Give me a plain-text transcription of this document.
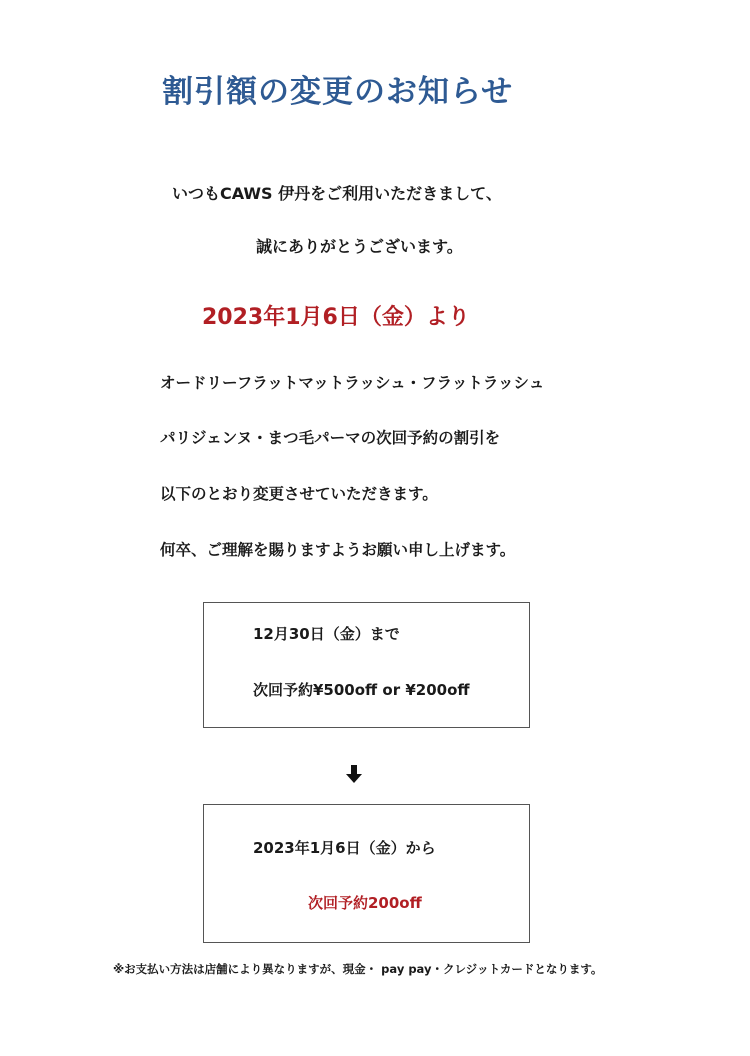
割引額の変更のお知らせ
いつもCAWS 伊丹をご利用いただきまして、
誠にありがとうございます。
2023年1月6日（金）より
オードリーフラットマットラッシュ・フラットラッシュ
パリジェンヌ・まつ毛パーマの次回予約の割引を
以下のとおり変更させていただきます。
何卒、ご理解を賜りますようお願い申し上げます。
12月30日（金）まで
次回予約¥500off or ¥200off
2023年1月6日（金）から
次回予約200off
※お支払い方法は店舗により異なりますが、現金・ pay pay・クレジットカードとなります。
